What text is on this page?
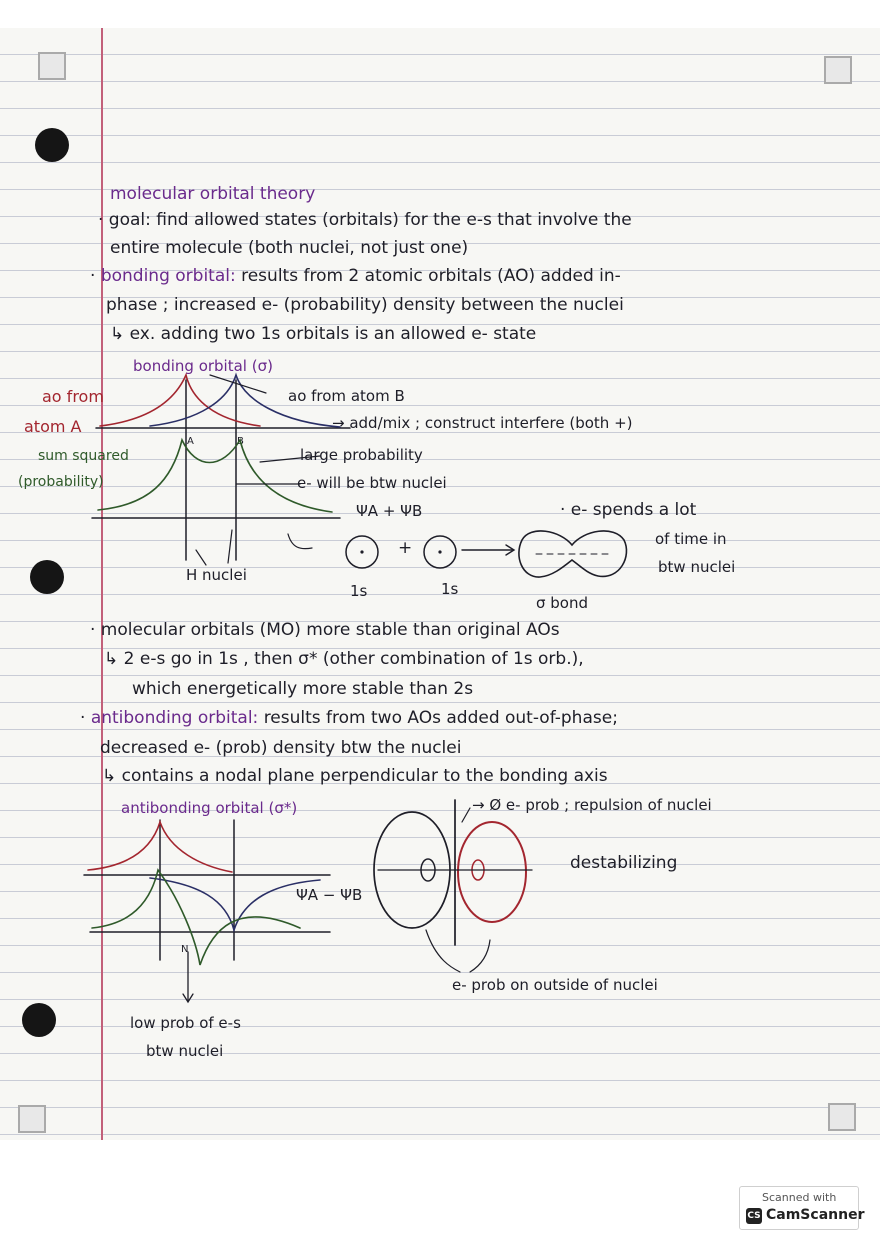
molecular orbital theory
· goal: find allowed states (orbitals) for the e-s that involve the
entire molecule (both nuclei, not just one)
· bonding orbital: results from 2 atomic orbitals (AO) added in-
phase ; increased e- (probability) density between the nuclei
↳ ex. adding two 1s orbitals is an allowed e- state
bonding orbital (σ)
ao from
atom A
ao from atom B
sum squared
(probability)
→ add/mix ; construct interfere (both +)
large probability
e- will be btw nuclei
ΨA + ΨB
A	B
H nuclei
1s	1s
+
σ bond
· e- spends a lot
of time in
btw nuclei
· molecular orbitals (MO) more stable than original AOs
↳ 2 e-s go in 1s , then σ* (other combination of 1s orb.),
which energetically more stable than 2s
· antibonding orbital: results from two AOs added out-of-phase;
decreased e- (prob) density btw the nuclei
↳ contains a nodal plane perpendicular to the bonding axis
antibonding orbital (σ*)	→ Ø e- prob ; repulsion of nuclei
destabilizing
ΨA − ΨB
N
e- prob on outside of nuclei
low prob of e-s
btw nuclei
Scanned with
CS CamScanner
